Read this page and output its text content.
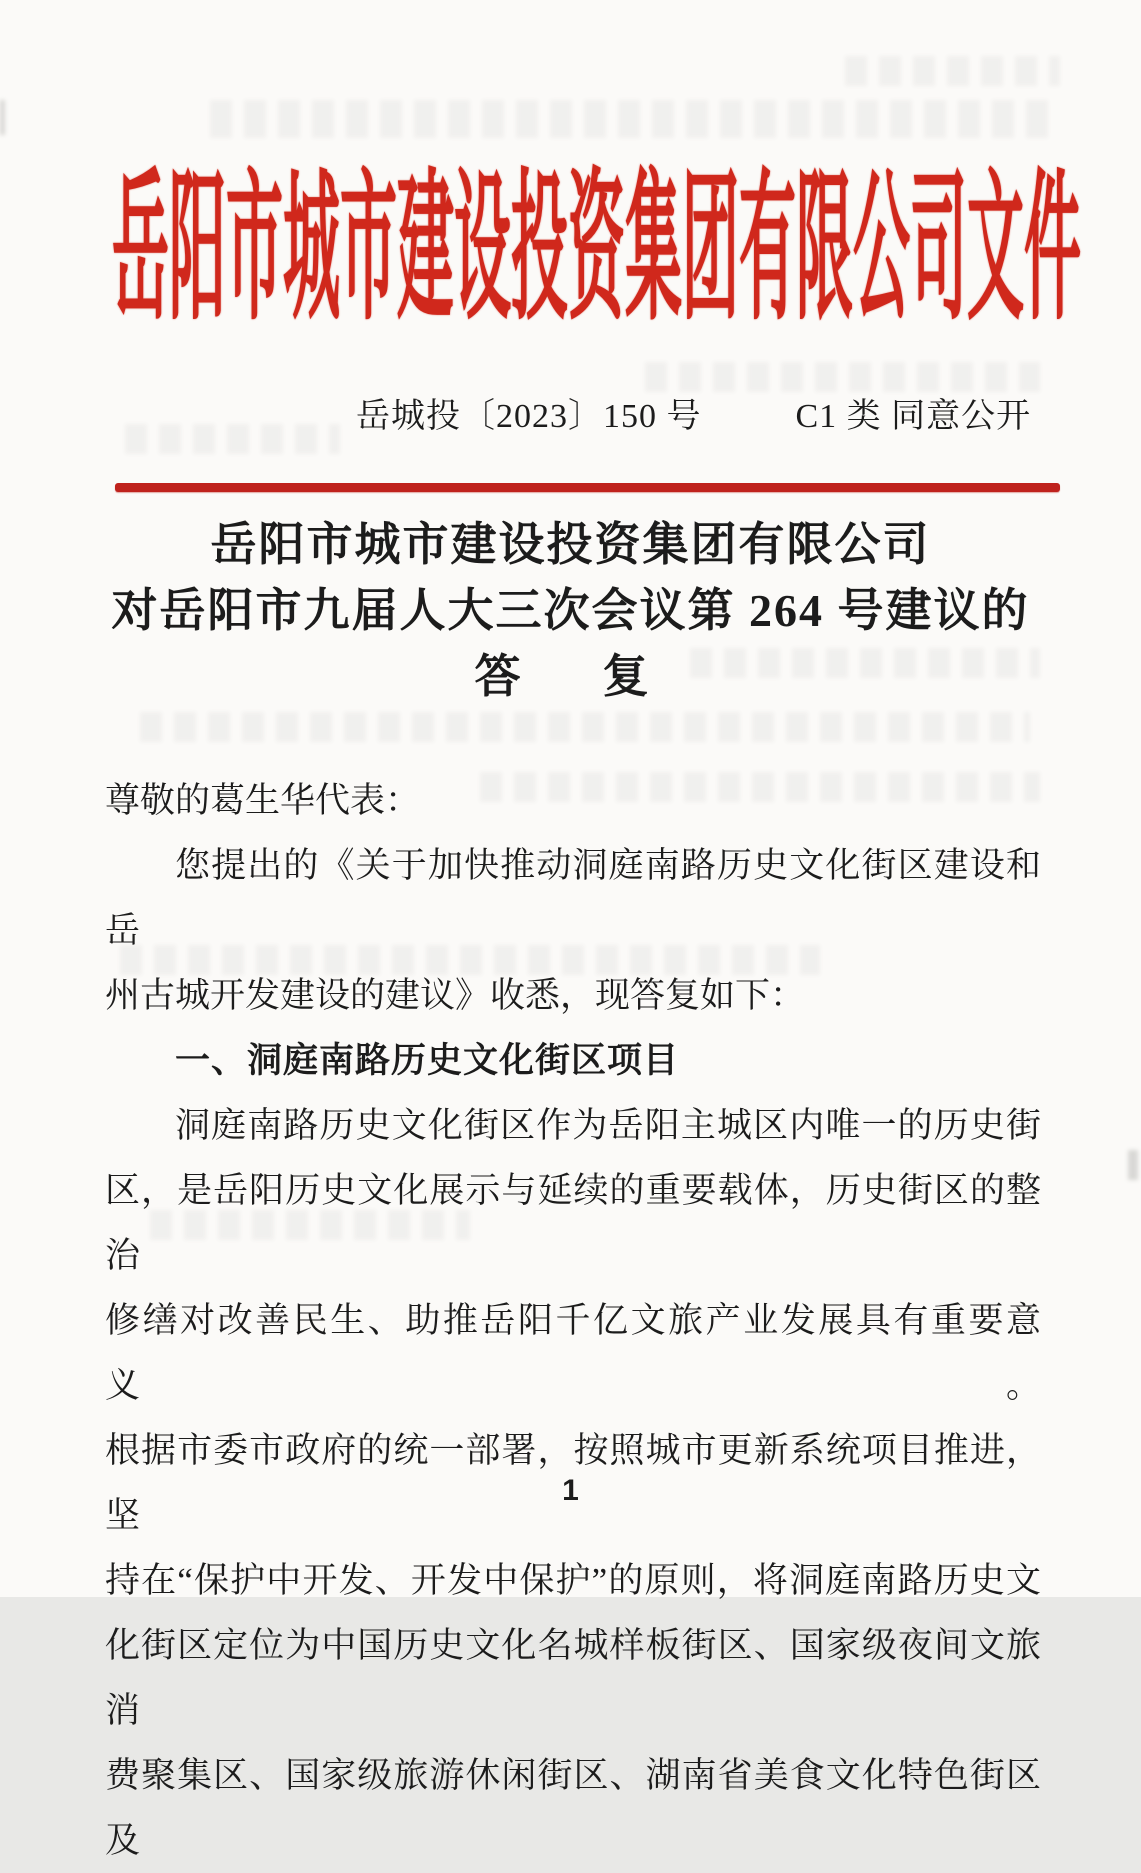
岳阳市城市建设投资集团有限公司文件
岳城投〔2023〕150 号	C1 类 同意公开
岳阳市城市建设投资集团有限公司
对岳阳市九届人大三次会议第 264 号建议的
答　复
尊敬的葛生华代表：
您提出的《关于加快推动洞庭南路历史文化街区建设和岳
州古城开发建设的建议》收悉，现答复如下：
一、洞庭南路历史文化街区项目
洞庭南路历史文化街区作为岳阳主城区内唯一的历史街
区，是岳阳历史文化展示与延续的重要载体，历史街区的整治
修缮对改善民生、助推岳阳千亿文旅产业发展具有重要意义。
根据市委市政府的统一部署，按照城市更新系统项目推进，坚
持在“保护中开发、开发中保护”的原则，将洞庭南路历史文
化街区定位为中国历史文化名城样板街区、国家级夜间文旅消
费聚集区、国家级旅游休闲街区、湖南省美食文化特色街区及
1
